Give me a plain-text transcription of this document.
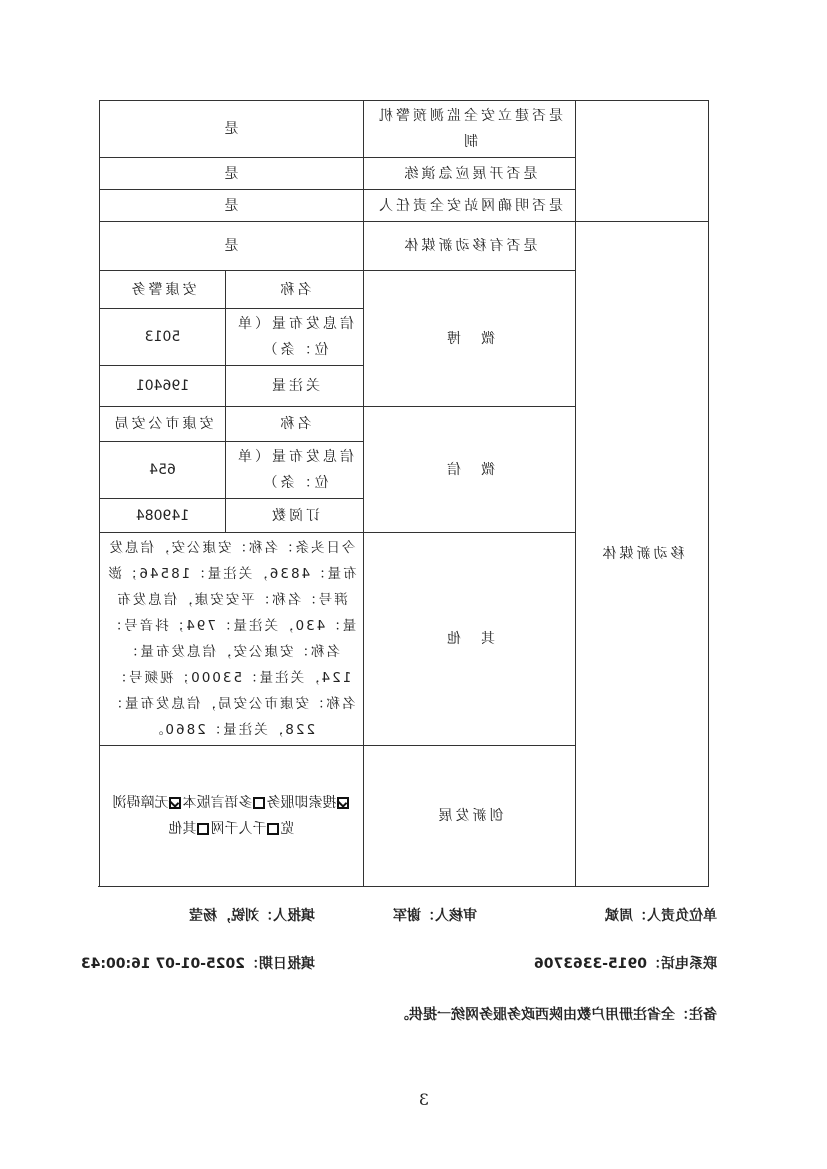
	是否建立安全监测预警机制	是	
	是否开展应急演练	是	
	是否明确网站安全责任人	是	
移动新媒体	是否有移动新媒体	是	
	微　博	名称	安康警务
		信息发布量（单位：条）	5013
		关注量	196401
	微　信	名称	安康市公安局
		信息发布量（单位：条）	654
		订阅数	149084
	其　他	今日头条：名称：安康公安，信息发布量：4836，关注量：18546；澎湃号：名称：平安安康，信息发布量：430，关注量：794；抖音号：名称：安康公安，信息发布量：124，关注量：53000；视频号：名称：安康市公安局，信息发布量：228，关注量：2860。	
	创新发展	搜索即服务多语言版本无障碍浏览千人千网其他	
单位负责人：周斌
审核人：谢军
填报人：刘锐，杨莹
联系电话：0915-3363706
填报日期：2025-01-07 16:00:43
备注：全省注册用户数由陕西政务服务网统一提供。
3
